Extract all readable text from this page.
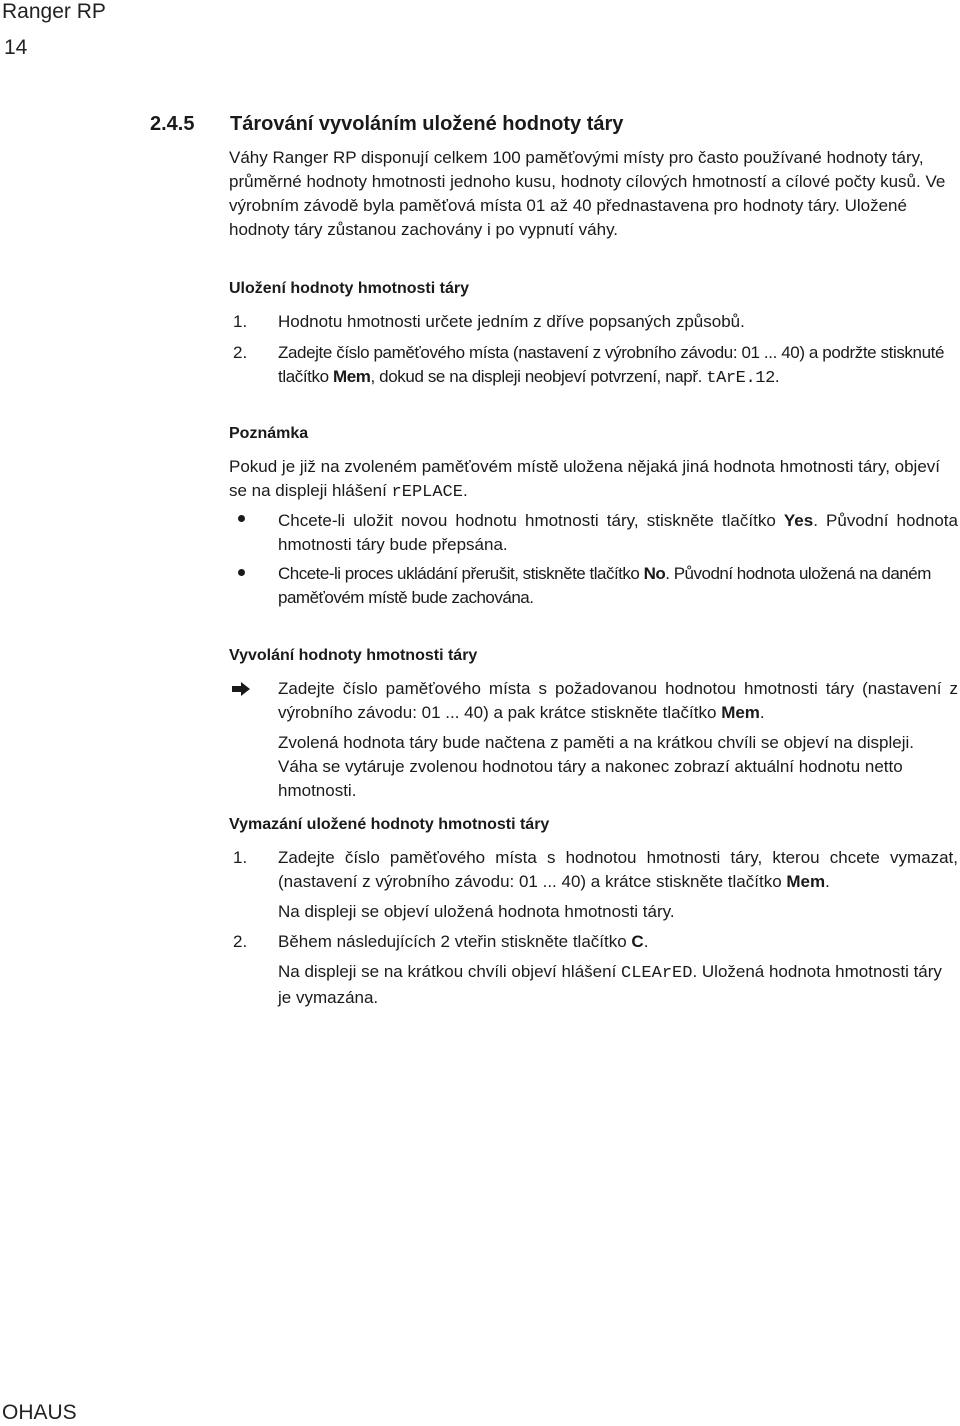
Ranger RP
14
2.4.5 Tárování vyvoláním uložené hodnoty táry
Váhy Ranger RP disponují celkem 100 paměťovými místy pro často používané hodnoty táry, průměrné hodnoty hmotnosti jednoho kusu, hodnoty cílových hmotností a cílové počty kusů. Ve výrobním závodě byla paměťová místa 01 až 40 přednastavena pro hodnoty táry. Uložené hodnoty táry zůstanou zachovány i po vypnutí váhy.
Uložení hodnoty hmotnosti táry
1. Hodnotu hmotnosti určete jedním z dříve popsaných způsobů.
2. Zadejte číslo paměťového místa (nastavení z výrobního závodu: 01 ... 40) a podržte stisknuté tlačítko Mem, dokud se na displeji neobjeví potvrzení, např. tArE.12.
Poznámka
Pokud je již na zvoleném paměťovém místě uložena nějaká jiná hodnota hmotnosti táry, objeví se na displeji hlášení rEPLACE.
Chcete-li uložit novou hodnotu hmotnosti táry, stiskněte tlačítko Yes. Původní hodnota hmotnosti táry bude přepsána.
Chcete-li proces ukládání přerušit, stiskněte tlačítko No. Původní hodnota uložená na daném paměťovém místě bude zachována.
Vyvolání hodnoty hmotnosti táry
Zadejte číslo paměťového místa s požadovanou hodnotou hmotnosti táry (nastavení z výrobního závodu: 01 ... 40) a pak krátce stiskněte tlačítko Mem.
Zvolená hodnota táry bude načtena z paměti a na krátkou chvíli se objeví na displeji. Váha se vytáruje zvolenou hodnotou táry a nakonec zobrazí aktuální hodnotu netto hmotnosti.
Vymazání uložené hodnoty hmotnosti táry
1. Zadejte číslo paměťového místa s hodnotou hmotnosti táry, kterou chcete vymazat, (nastavení z výrobního závodu: 01 ... 40) a krátce stiskněte tlačítko Mem.
Na displeji se objeví uložená hodnota hmotnosti táry.
2. Během následujících 2 vteřin stiskněte tlačítko C.
Na displeji se na krátkou chvíli objeví hlášení CLEArED. Uložená hodnota hmotnosti táry je vymazána.
OHAUS
